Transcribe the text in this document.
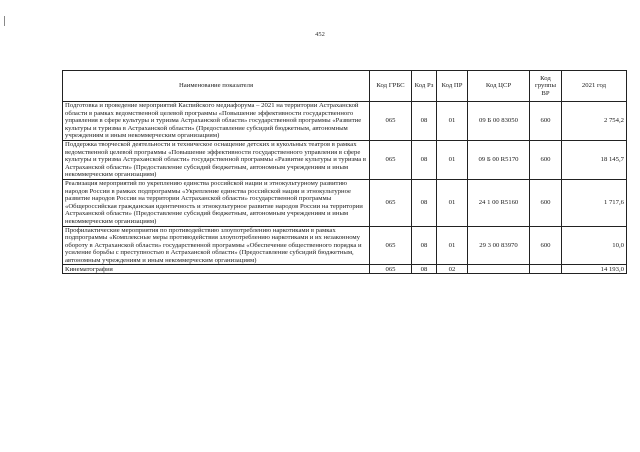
452
Наименование показателя	Код ГРБС	Код Рз	Код ПР	Код ЦСР	Код группы ВР	2021 год
Подготовка и проведение мероприятий Каспийского медиафорума – 2021 на территории Астраханской области в рамках ведомственной целевой программы «Повышение эффективности государственного управления в сфере культуры и туризма Астраханской области» государственной программы «Развитие культуры и туризма в Астраханской области» (Предоставление субсидий бюджетным, автономным учреждениям и иным некоммерческим организациям)	065	08	01	09 Б 00 83050	600	2 754,2
Поддержка творческой деятельности и техническое оснащение детских и кукольных театров в рамках ведомственной целевой программы «Повышение эффективности государственного управления в сфере культуры и туризма Астраханской области» государственной программы «Развитие культуры и туризма в Астраханской области» (Предоставление субсидий бюджетным, автономным учреждениям и иным некоммерческим организациям)	065	08	01	09 Б 00 R5170	600	18 145,7
Реализация мероприятий по укреплению единства российской нации и этнокультурному развитию народов России в рамках подпрограммы «Укрепление единства российской нации и этнокультурное развитие народов России на территории Астраханской области» государственной программы «Общероссийская гражданская идентичность и этнокультурное развитие народов России на территории Астраханской области» (Предоставление субсидий бюджетным, автономным учреждениям и иным некоммерческим организациям)	065	08	01	24 1 00 R5160	600	1 717,6
Профилактические мероприятия по противодействию злоупотреблению наркотиками в рамках подпрограммы «Комплексные меры противодействия злоупотреблению наркотиками и их незаконному обороту в Астраханской области» государственной программы «Обеспечение общественного порядка и усиление борьбы с преступностью в Астраханской области» (Предоставление субсидий бюджетным, автономным учреждениям и иным некоммерческим организациям)	065	08	01	29 3 00 83970	600	10,0
Кинематография	065	08	02			14 193,0
